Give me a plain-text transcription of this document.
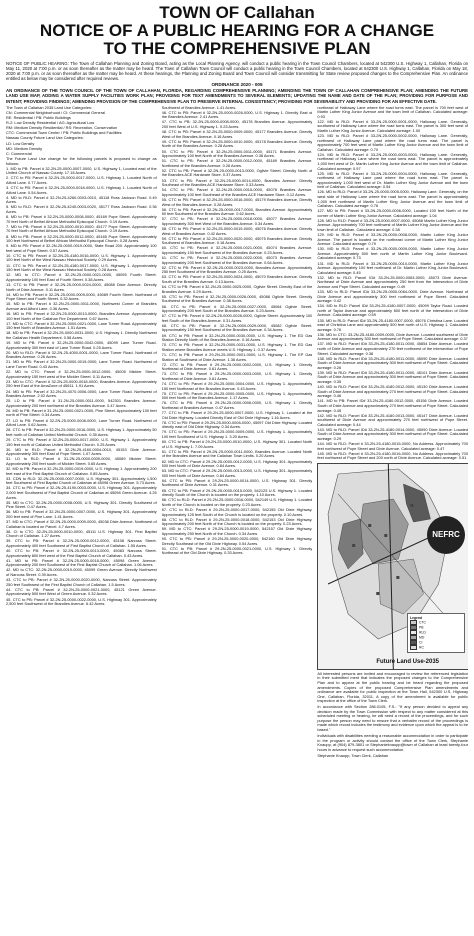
TOWN OF Callahan
NOTICE OF A PUBLIC HEARING FOR A CHANGE
TO THE COMPREHENSIVE PLAN
NOTICE OF PUBLIC HEARING: The Town of Callahan Planning and Zoning Board, acting as the Local Planning Agency, will conduct a public hearing in the Town Council Chambers, located at 542300 U.S. Highway 1, Callahan, Florida on May 11, 2020 at 7:00 p.m. or as soon thereafter as the matter may be heard. The Town of Callahan Town Council will conduct a public hearing in the Town Council Chambers, located at 542300 U.S. Highway 1, Callahan, Florida on May 18, 2020 at 7:00 p.m. or as soon thereafter as the matter may be heard. At these hearings, the Planning and Zoning Board and Town Council will consider transmitting for State review proposed changes to the Comprehensive Plan. An ordinance entitled as below may be considered after required reviews.
ORDINANCE 2020 - 005
AN ORDINANCE OF THE TOWN COUNCIL OF THE TOWN OF CALLAHAN, FLORIDA, REGARDING COMPREHENSIVE PLANNING; AMENDING THE TOWN OF CALLAHAN COMPREHENSIVE PLAN; AMENDING THE FUTURE LAND USE MAP, ADDING A WATER SUPPLY FACILITIES WORK PLAN; PROVIDING FOR TEXT AMENDMENTS TO SEVERAL ELEMENTS; UPDATING THE NAME AND DATE OF THE PLAN; PROVIDING FOR PURPOSE AND INTENT; PROVIDING FINDINGS; AMENDING PROVISION OF THE COMPREHENSIVE PLAN TO PRESERVE INTERNAL CONSISTENCY; PROVIDING FOR SEVERABILITY AND PROVIDING FOR AN EFFECTIVE DATE.

The Town of Callahan 2035 Land Use Categories:

CN: Commercial Neighborhood / CI: Commercial General

RE: Residential / PB: Public Buildings

R-2: Low Density Residential / AG: Agricultural Low

RM: Medium Density Residential / RS: Recreation, Conservation

CTC: Commercial Town Center / PB: Public Buildings and Facilities

Nassau County Future Land Use Categories:

LD: Low Density

MD: Medium Density

C: Commercial

The Future Land Use change for the following parcels is proposed to change as follows:

1. MD to PB: Parcel # 32-2N-25-0000-0007-0000, U.S. Highway 1, Located east of the United Church of Nassau County. 17.18 Acres.

2. CTC to PB: Parcel # 32-2N-25-0000-0017-0000, U.S. Highway 1. Located North of Alford Lane. 0.77 Acres.

3. CTC to PB: Parcel # 32-2N-25-0000-0018-0000, U.S. Highway 1. Located North of Alford Lane. 0.54 Acres.

4. MD to RLD: Parcel # 32-2N-25-4260-0003-0010, 45118 Ross Jackson Road. 0.49 Acres.

5. MD to RLD: Parcel # 32-2N-25-4240-0003-0020, 45177 Ross Jackson Road. 0.36 Acres.

6. MD to PB: Parcel # 32-2N-25-0000-0008-0000, 45169 Pope Street. Approximately 70 feet North of Bethel African Methodist Episcopal Church. 0.19 Acres.

7. MD to PB: Parcel # 32-2N-25-0000-0010-0000, 45177 Pope Street. Approximately 70 feet North of Bethel African Methodist Episcopal Church. 0.19 Acres.

8. MD to PB: Parcel # 32-2N-25-0000-0012-0000, 45165 Pope Street. Approximately 100 feet Northwest of Bethel African Methodist Episcopal Church. 0.28 Acres.

9. MD to PB: Parcel # 32-2N-25-0000-0019-0000, State Road 200. Approximately 100 feet west of Pope Street. 0.57 Acres.

10. CTC to PB: Parcel # 32-2N-25-4180-0016-0000, U.S. Highway 1. Approximately 100 feet North of the West Nassau Historical Society. 0.29 Acres.

11. CTC to PB: Parcel # 32-2N-25-4180-0017-0000, U.S. Highway 1. Approximately 150 feet North of the West Nassau Historical Society. 0.28 Acres.

12. MD to CTC: Parcel # 32-2N-25-0000-0021-0000, 45095 Fourth Street. Approximately 100 feet East of Fourth Street. 0.38 Acres.

13. CTC to PB: Parcel # 32-2N-25-0000-0024-0000, 45088 Dixie Avenue. Directly North of Dixie Avenue. 0.11 Acres.

14. MD to PB: Parcel # 32-2N-25-0000-0009-0000, 45089 Fourth Street. Northeast of Pope Street and Fourth Street. 0.32 Acres.

15. MD to PB: Parcel # 32-2N-25-0000-0011-0000, Northwest Corner of Brandies Avenue and Alford Lane. 0.36 Acres.

16. MD to PB: Parcel # 32-2N-25-0000-0013-0000, Brandies Avenue. Approximately 100 feet North of the Callahan Fire Department. 0.67 Acres.

17. MD to CTC: Parcel # 32-2N-25-0000-0021-0000, Lane Turner Road. Approximately 150 feet North of Brandies Avenue. 1.51 Acres.

18. MD to PB: Parcel # 32-2N-25-0000-0031-0000, U.S. Highway 1. Directly Northwest the Callahan Health Department. 0.58 Acres.

19. MD to PB: Parcel # 32-2N-25-0000-0042-0000, 45099 Lane Turner Road. Approximately 300 feet east of Lane Turner Road. 0.25 Acres.

20. MD to RLD: Parcel # 32-2N-25-4050-0001-0000, Lane Turner Road. Northeast of Brandies Avenue. 0.26 Acres.

21. MD to PB: Parcel # 32-2N-25-0000-0019-0000, Lane Turner Road. Northwest of Lane Turner Road. 0.43 Acres.

22. MD to CTC: Parcel # 32-2N-25-0000-0012-0000, 45005 Mickler Street. Approximately 150 feet west of the Mickler Street. 0.11 Acres.

23. MD to CTC: Parcel # 32-2N-25-0000-0018-0000, Brandies Avenue. Approximately 250 feet East of the AmaZone of 45611. 1.91 Acres.

24. MD to PB: Parcel # 32-2N-25-4070-0006-0000, Lane Turner Road. Northwest of Brandies Avenue. 2.02 Acres.

25. LD to PB: Parcel # 31-2N-25-0000-0011-0000, 542301 Brandies Avenue. Approximately 200 feet northwest of the Brandies Avenue. 0.47 Acres.

26. MD to PB: Parcel # 31-2N-25-0000-0021-0000, Pine Street. Approximately 100 feet north of Pine Street. 0.34 Acres.

27. LD to PB: Parcel # 32-2N-25-0000-0008-0000, Lane Turner Road. Northwest of Alford Lane. 0.62 Acres.

28. CTC to PB: Parcel # 32-2N-25-0000-0016-0000, U.S. Highway 1. Approximately 50 feet north of Callahan United Methodist Church. 0.35 Acres.

29. CTC to PB: Parcel # 32-2N-25-0000-0017-0000, U.S. Highway 1. Approximately 150 feet north of Callahan United Methodist Church. 0.25 Acres.

30. MD to RLD: Parcel # 32-2N-25-4160-0004-0010, 45153 Dixie Avenue. Approximately 300 feet East of Pope Street. 1.07 Acres.

31. LD to RLD: Parcel # 31-2N-25-0000-0009-0000, 45089 Mickler Street. Approximately 200 feet south of Mickler Street. 0.65 Acres.

32. MD to PB: Parcel # 32-2N-25-0000-0019-0000, U.S. Highway 1. Approximately 200 feet east of the First Baptist Church of Callahan. 0.85 Acres.

33. CDN to RLD: 32-2N-25-0000-0007-0000, U.S. Highway 301. Approximately 1,500 feet Southwest of First Baptist Church of Callahan at 45098 Green Avenue. 5.73 Acres.

34. CTC to PB: Parcel # 32-2N-25-4190-0003-0000, U.S. Highway 301. Approximately 2,000 feet Southwest of First Baptist Church of Callahan at 45098 Green Avenue. 4.25 Acres.

35. MD to CTC: 32-2N-25-0000-0008-0000, U.S. Highway 301. Directly Southwest of Pine Street. 0.47 Acres.

36. MD to PB: Parcel # 32-2N-25-0000-0007-0000, U.S. Highway 301. Approximately 200 feet west of Pine Lane. 1.41 Acres.

37. MD to CTC: Parcel # 32-2N-25-0000-0009-0000, 45036 Dixie Avenue. Northwest of Callahan is located on Parcel. 4.7 Acres.

38. CI to CTC: 32-2N-25-0000-0010-0000, 45111 U.S. Highway 301. First Baptist Church of Callahan. 1.27 Acres.

39. CTC to PB: Parcel # 32-2N-25-0000-0012-0000, 45108 Narcoss Street. Approximately 400 feet Southwest of First Baptist Church of Callahan. 1.55 Acres.

40. CTC to PB: Parcel # 32-2N-25-0000-0013-0000, 45083 Narcoss Street. Approximately 800 feet west of the First Baptist Church of Callahan. 0.43 Acres.

41. MD to PB: Parcel # 32-2N-25-0000-0018-0000, 45098 Green Avenue. Approximately 200 feet Southwest of the First Baptist Church of Callahan. 1.06 Acres.

42. MD to CTC: 32-2N-25-0000-0019-0000, 45099 Green Avenue. Directly Northwest of Narcoss Street. 0.39 Acres.

43. CTC to PB: Parcel # 32-2N-25-0000-0020-0000, Narcoss Street. Approximately 250 feet Southwest of the First Baptist Church of Callahan. 1.5 Acres.

44. CTC to PB: Parcel # 32-2N-25-0000-0021-0000, 45121 Green Avenue. Approximately 500 feet West of Green Avenue. 0.32 Acres.

45. CTC to PB: Parcel # 32-2N-25-0000-0022-0000, U.S. Highway 301. Approximately 2,500 feet Southwest of the Brandies Avenue. 6.42 Acres.

Southwest of Brandies Avenue. 1.41 Acres.

46. CTC to PB: Parcel # 32-2N-25-0000-0026-0000, U.S. Highway 1. Directly East of the Brandies Avenue. 2.41 Acres.

47. CTC to PB: 32-2N-25-0000-0008-0000, 45178 Brandies Avenue. Approximately 200 feet West of U.S. Highway 1. 0.23 Acres.

48. CTC to PB: Parcel # 32-2N-25-0000-0009-0000, 45177 Brandies Avenue. Directly West of the Brandies Avenue. 0.16 Acres.

49. CTC to PB: Parcel # 32-2N-25-0000-0010-0000, 45178 Brandies Avenue. Directly North of the Brandies Avenue. 0.28 Acres.

50. CTC to PB: Parcel # 32-2N-25-0000-0011-0000, 45171 Brandies Avenue. Approximately 100 feet North of the Brandies Avenue. 0.38 Acres.

51. CTC to PB: Parcel # 32-2N-25-0000-0012-0000, 45169 Brandies Avenue. Northwest of the Brandies Avenue. 0.26 Acres.

52. CTC to PB: Parcel # 32-2N-25-0000-0013-0000, Oglivie Street. Directly North of the Brandies ACE Hardware Store. 0.37 Acres.

53. CTC to PB: Parcel # 32-2N-25-0000-0014-0000, Brandies Avenue. Directly Southeast of the Brandies ACE Hardware Store. 0.33 Acres.

54. CTC to PB: Parcel # 32-2N-25-0000-0015-0000, 45078 Brandies Avenue. Approximately 100 feet Southeast of the Brandies ACE Hardware Store. 0.12 Acres.

55. CTC to PB: Parcel # 32-2N-25-0000-0016-0000, 45179 Brandies Avenue, Directly West of the Brandies Avenue. 0.28 Acres.

56. CTC to PB: Parcel # 32-2N-25-0000-0017-0000, Brandies Avenue. Approximately 80 feet Southwest of the Brandies Avenue. 0.62 Acres.

57. CTC to PB: Parcel # 32-2N-25-0000-0018-0000, 45077 Brandies Avenue. Approximately 300 feet West of the Brandies Avenue. 0.34 Acres.

58. CTC to PB: Parcel # 32-2N-25-0000-0019-0000, 45076 Brandies Avenue. Directly West of Brandies Avenue. 0.42 Acres.

59. CTC to PB: Parcel # 32-2N-25-0000-0020-0000, 45075 Brandies Avenue. Directly Southwest of Brandies Avenue. 0.18 Acres.

60. CTC to PB: Parcel # 32-2N-25-0000-0021-0000, 45074 Brandies Avenue. Approximately 150 feet Southwest of the Brandies Avenue. 0.23 Acres.

61. CTC to PB: Parcel # 32-2N-25-0000-0022-0000, 45073 Brandies Avenue. Approximately 200 feet Southwest of the Brandies Avenue. 0.64 Acres.

62. CTC to PB: Parcel # 32-2N-25-0000-0023-0000, Brandies Avenue. Approximately 250 feet Southwest of the Brandies Avenue. 0.25 Acres.

63. CTC to PB: Parcel # 32-2N-25-0000-0024-0000, 45070 Brandies Avenue. Directly South of the Brandies Avenue. 0.13 Acres.

64. CTC to PB: Parcel # 32-2N-25-0000-0025-0000, Oglivie Street. Directly East of the Brandies Avenue. 0.29 Acres.

65. CTC to PB: Parcel # 32-2N-25-0000-0026-0000, 45088 Oglivie Street. Directly Southwest of the Brandies Avenue. 0.38 Acres.

66. CTC to PB: Parcel # 32-2N-25-0000-0027-0000, 45084 Oglivie Street. Approximately 200 feet South of the Brandies Avenue. 0.23 Acres.

67. CTC to PB: Parcel # 32-2N-25-0000-0028-0000, Oglivie Street. Approximately 100 feet South of the Brandies Avenue. 0.31 Acres.

68. CTC to PB: Parcel # 32-2N-25-0000-0029-0000, 45082 Oglivie Street. Approximately 150 feet Southwest of the Brandies Avenue. 0.34 Acres.

69. CTC to PB: Parcel # 32-2N-25-0000-0030-0000, U.S. Highway 1. The ED Gas Station Directly North of the Brandies Avenue. 0.16 Acres.

70. CTC to PB: Parcel # 32-2N-25-0000-0031-0000, U.S. Highway 1. The ED Gas Station where Brandies Avenue meets U.S. Highway 1. 0.37 Acres.

71. CTC to PB: Parcel # 29-2N-25-0000-0001-0000, U.S. Highway 1. The EP Gas Station at Southwest of Dixie Avenue. 1.36 Acres.

72. CTC to PB: Parcel # 29-2N-25-0000-0002-0000, U.S. Highway 1. Directly Northeast of Dixie Avenue. 0.61 Acres.

73. CTC to PB: Parcel # 29-2N-25-0000-0003-0000, U.S. Highway 1. Directly Northeast of Dixie Avenue. 0.61 Acres.

74. CTC to PB: Parcel # 29-2N-25-0000-0004-0000, U.S. Highway 1. Approximately 150 feet Northeast of the Brandies Avenue. 0.43 Acres.

75. CTC to PB: Parcel # 29-2N-25-0000-0005-0000, U.S. Highway 1. Approximately 500 feet North of the Brandies Avenue. 1.17 Acres.

76. CTC to PB: Parcel # 29-2N-25-0000-0006-0000, U.S. Highway 1. Directly Northeast of Brandies Avenue. 0.47 Acres.

77. CTC to PB: Parcel # 29-2N-25-0000-0007-0000, U.S. Highway 1. Located at the Old Dixie Highway. Located Directly East of Old Dixie Highway. 1.16 Acres.

78. CTC to PB: Parcel # 29-2N-25-0000-0008-0000, 45097 Old Dixie Highway. Located directly east of Old Dixie Highway. 0.34 Acres.

79. CTC to PB: Parcel # 29-2N-25-0000-0009-0000, U.S. Highway 1. Approximately 100 feet Southwest of U.S. Highway 1. 3.20 Acres.

80. CTC to PB: Parcel # 29-2N-25-0000-0010-0000, U.S. Highway 301. Located North of U.S. Highway 1. 7.09 Acres.

81. CTC to PB: Parcel # 29-2N-25-0000-0011-0000, Brandies Avenue. Located North of the Brandies Avenue and the Callahan Town Limits. 0.20 Acres.

82. MD to CTC: Parcel # 29-2N-25-0000-0012-0000, U.S. Highway 301. Approximately 500 feet North of Dixie Avenue. 0.84 Acres.

83. MD to CTC: Parcel # 29-2N-25-0000-0013-0000, U.S. Highway 301. Approximately 500 feet North of Dixie Avenue. 0.84 Acres.

84. CTC to PB: Parcel # 29-2N-25-0000-0014-0000, U.S. Highway 301. Directly Northwest of Dixie Avenue. 0.31 Acres.

85. CTC to PB: Parcel # 29-2N-25-0000-0015-0000, 542125 U.S. Highway 1. Located directly South of the Church is located on the property. 1.10 Acres.

86. CTC to RLD: Parcel # 29-2N-25-0000-0016-0000, 542149 U.S. Highway 1. Located North of the Church is located on the property. 0.23 Acres.

87. CTC to RLD: Parcel # 29-2N-25-0000-0017-0000, 542155 Old Dixie Highway. Approximately 125 feet South of the Church is located on the property. 0.10 Acres.

88. CTC to RLD: Parcel # 29-2N-25-0000-0018-0000, 542153 Old Dixie Highway. Approximately 200 feet North of the Church is located on the property. 0.23 Acres.

89. MD to CTC: Parcel # 29-2N-25-0000-0019-0000, 542157 Old Dixie Highway. Approximately 250 feet North of the Church. 0.34 Acres.

90. CTC to PB: Parcel # 29-2N-25-0000-0020-0000, 542160 Old Dixie Highway. Directly Southeast of the Old Dixie Highway. 0.54 Acres.

91. CTC to PB: Parcel # 29-2N-25-0000-0021-0000, U.S. Highway 1. Directly Northeast of the Old Dixie Highway. 0.33 Acres.

northeast of Halloway Lane where the road turns east. The parcel is 700 feet west of Martin Luther King Junior Avenue and the town limit of Callahan. Calculated acreage: 0.93

122. MD to RLD: Parcel # 33-2N-25-0000-0001-0000, Halloway Lane. Generally, southwest of Halloway Lane where the road turns east. The parcel is 300 feet west of Martin Luther King Junior Avenue. Calculated acreage: 1.00

123. MD to RLD: Parcel # 33-2N-25-0000-0002-0000, Halloway Lane. Generally, northwest of Halloway Lane past where the road turns east. The parcel is approximately 700 feet west of Martin Luther King Junior Avenue and the town limit of Callahan. Calculated acreage: 0.70

124. MD to RLD: Parcel # 33-2N-25-0000-0003-0000, Halloway Lane. Generally, northeast of Halloway Lane where the road turns east. The parcel is approximately 1,000 feet west of Dr. Martin Luther King Junior Avenue and the town limit of Callahan. Calculated acreage: 0.97

125. MD to RLD: Parcel # 33-2N-25-0000-0004-0000, Halloway Lane. Generally, northwest of Halloway Lane past where the road turns east. The parcel is approximately 1,000 feet west of Dr. Martin Luther King Junior Avenue and the town limit of Callahan. Calculated acreage: 0.54

126. MD to RLD: Parcel # 33-2N-25-0000-0005-0000, Halloway Lane. Generally, on the west side of Halloway Lane where the road turns east. The parcel is approximately 1,000 feet northwest of Martin Luther King Junior Avenue and the town limit of Callahan. Calculated acreage: 0.76

127. MD to PB: Parcel # 33-2N-25-0000-0006-0000, Located 100 feet North of the corner of Martin Luther King Junior Avenue. Calculated acreage: 1.04

128. MD to RLD: Parcel # 33-2N-25-0000-0007-0000, 45088 Martin Luther King Junior Avenue. Approximately 700 feet northwest of Martin Luther King Junior Avenue and the town limit of Callahan. Calculated acreage: 0.38

129. MD to RLD: Parcel # 33-2N-25-0000-0008-0000, Martin Luther King Junior Avenue. The parcel is located on the northeast corner of Martin Luther King Junior Avenue. Calculated acreage: 0.79

130. MD to RLD: Parcel # 33-2N-25-0000-0009-0000, Martin Luther King Junior Avenue. Approximately 500 feet north of Martin Luther King Junior Boulevard. Calculated acreage: 0.73

131. MD to RLD: Parcel # 33-2N-25-0000-0010-0000, Martin Luther King Junior Avenue. Approximately 100 feet northwest of Dr. Martin Luther King Junior Boulevard. Calculated acreage: 0.45

132. MD to RLD: Parcel ID# 33-2N-25-0000-0063-0000, 45073 Dixie Avenue. Northeast of Dixie Avenue and approximately 250 feet from the intersection of Dixie Avenue and Pope Street. Calculated acreage: 0.49

133. MD to RLD: Parcel ID# 33-2N-25-0000-0064-0000, Dixie Avenue. Northeast of Dixie Avenue and approximately 300 feet northwest of Pope Street. Calculated acreage: 0.42

134. MD to RLD: Parcel ID# 33-2N-25-4180-0007-0000, 45099 Taylor Road. Located north of Taylor Avenue and approximately 600 feet north of the intersection of Dixie Avenue. Calculated acreage: 0.59

135. MD to RLD: Parcel ID# 33-2N-25-4180-0007-0000, 45076 Christina Lane. Located east of Christina Lane and approximately 500 feet north of U.S. Highway 1. Calculated acreage: 0.76

136. MD to CTC: 33-2N-25-4180-0009-0000, Dixie Avenue. Located southwest of Dixie Avenue and approximately 300 feet northwest of Pope Street. Calculated acreage: 0.37

137. MD to RLD: Parcel ID# 33-2N-25-4180-0011-0000, 45854 Dixie Avenue. Located north of Dixie Avenue and approximately 270 feet northwest of the intersection of Pope Street. Calculated acreage: 0.38

138. MD to RLD: Parcel ID# 33-2N-25-4180-0011-0000, 45090 Dixie Avenue. Located South of Dixie Avenue and approximately 300 feet northwest of Pope Street. Calculated acreage: 0.26

139. MD to RLD: Parcel ID# 33-2N-25-4180-0011-0000, 45101 Dixie Avenue. Located South of Dixie Avenue and approximately 300 feet northwest of Pope Street. Calculated acreage: 0.35

140. MD to RLD: Parcel ID# 33-2N-25-4180-0012-0000, 45130 Dixie Avenue. Located South of Dixie Avenue and approximately 270 feet northwest of Pope Street. Calculated acreage: 0.46

141. MD to PB: Parcel ID# 33-2N-25-4180-0012-0000, 45156 Dixie Avenue. Located South of Dixie Avenue and approximately 270 feet northwest of Pope Street. Calculated acreage: 0.45

142. MD to RLD: Parcel ID# 33-2N-25-4180-0013-0000, 45147 Dixie Avenue. Located southwest of Dixie Avenue and approximately 270 feet northwest of Pope Street. Calculated acreage: 0.44

143. MD to RLD: Parcel ID# 33-2N-25-4180-0014-0000, 45090 Dixie Avenue. Located South of Dixie Avenue and approximately 300 feet northwest of Pope Street. Calculated acreage: 0.29

144. MD to RLD: Parcel # 33-2N-25-4180-0015-0000, No Address. Approximately 700 feet northwest of Pope Street and Dixie Avenue. Calculated acreage: 0.47

145. MD to RLD: Parcel # 33-2N-25-4180-0016-0000, No Address. Approximately 700 feet northwest of Pope Street and 200 north of Dixie Avenue. Calculated acreage: 0.51

NEFRC
Legend
CTC
PB
RLD
MD
CI
RC
Future Land Use-2035

All interested persons are invited and encouraged to review the referenced legislation in their submitted ment that indicates the proposed changes to the Comprehensive Plan and to appear at the public hearing and be heard regarding the proposed amendments. Copies of the proposed Comprehensive Plan amendments and ordinance are available for public inspection at the Town Hall, 542300 U.S. Highway One, Callahan, Florida, 32011. A copy of the amendment is available for public inspection at the office of the Town Clerk.

In accordance with Section 286.0105, F.S.: "If any person decided to appeal any decision made by the Town Commission with respect to any matter considered at this scheduled meeting or hearing, he will need a record of the proceedings, and for such purpose the person may need to ensure that a verbatim record of the proceedings is made which record includes the testimony and evidence upon which the appeal is to be based."

Individuals with disabilities needing a reasonable accommodation in order to participate in the program or activity should contact the office of the Town Clerk, Stephanie Knaupp, at (904) 879-3801 or Stephanieknaupp@town of Callahan at least twenty-four hours in advance to request such accommodation.

Stephanie Knaupp, Town Clerk, Callahan
